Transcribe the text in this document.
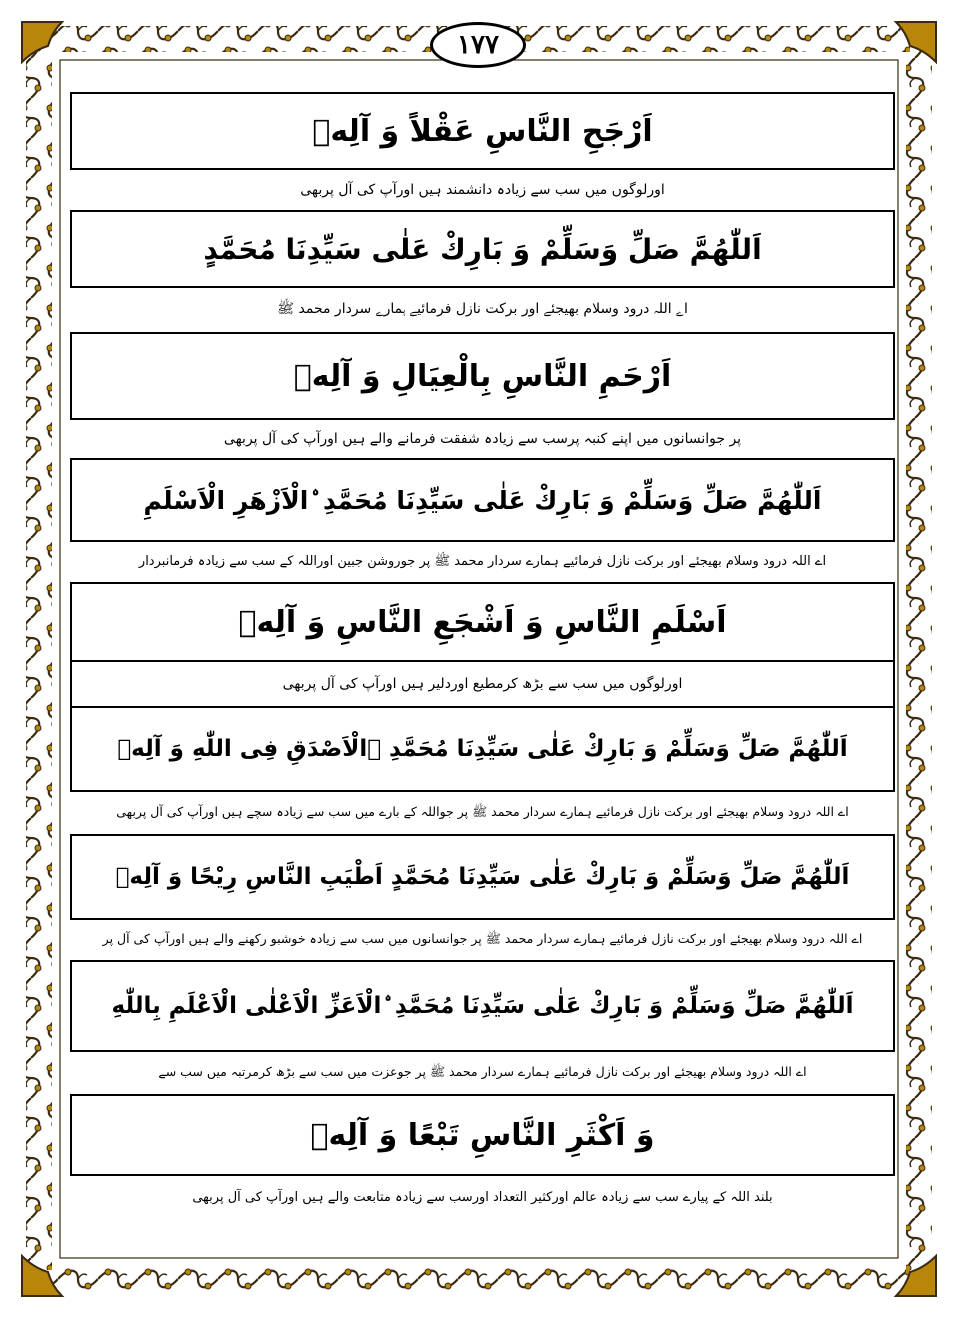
١٧٧
اَرْجَحِ النَّاسِ عَقْلاً وَ آلِهٖ
اورلوگوں میں سب سے زیادہ دانشمند ہیں اورآپ کی آل پربھی
اَللّٰھُمَّ صَلِّ وَسَلِّمْ وَ بَارِكْ عَلٰی سَیِّدِنَا مُحَمَّدٍ
اے اللہ درود وسلام بھیجئے اور برکت نازل فرمائیے ہمارے سردار محمد ﷺ
اَرْحَمِ النَّاسِ بِالْعِیَالِ وَ آلِهٖ
پر جوانسانوں میں اپنے کنبہ پرسب سے زیادہ شفقت فرمانے والے ہیں اورآپ کی آل پربھی
اَللّٰھُمَّ صَلِّ وَسَلِّمْ وَ بَارِكْ عَلٰی سَیِّدِنَا مُحَمَّدِ ۨالْاَزْھَرِ الْاَسْلَمِ
اے اللہ درود وسلام بھیجئے اور برکت نازل فرمائیے ہمارے سردار محمد ﷺ پر جوروشن جبین اوراللہ کے سب سے زیادہ فرمانبردار
اَسْلَمِ النَّاسِ وَ اَشْجَعِ النَّاسِ وَ آلِهٖ
اورلوگوں میں سب سے بڑھ کرمطیع اوردلیر ہیں اورآپ کی آل پربھی
اَللّٰھُمَّ صَلِّ وَسَلِّمْ وَ بَارِكْ عَلٰی سَیِّدِنَا مُحَمَّدِ ۨالْاَصْدَقِ فِی اللّٰهِ وَ آلِهٖ
اے اللہ درود وسلام بھیجئے اور برکت نازل فرمائیے ہمارے سردار محمد ﷺ پر جواللہ کے بارے میں سب سے زیادہ سچے ہیں اورآپ کی آل پربھی
اَللّٰھُمَّ صَلِّ وَسَلِّمْ وَ بَارِكْ عَلٰی سَیِّدِنَا مُحَمَّدٍ اَطْیَبِ النَّاسِ رِیْحًا وَ آلِهٖ
اے اللہ درود وسلام بھیجئے اور برکت نازل فرمائیے ہمارے سردار محمد ﷺ پر جوانسانوں میں سب سے زیادہ خوشبو رکھنے والے ہیں اورآپ کی آل پر
اَللّٰھُمَّ صَلِّ وَسَلِّمْ وَ بَارِكْ عَلٰی سَیِّدِنَا مُحَمَّدِ ۨالْاَعَزِّ الْاَعْلٰی الْاَعْلَمِ بِاللّٰهِ
اے اللہ درود وسلام بھیجئے اور برکت نازل فرمائیے ہمارے سردار محمد ﷺ پر جوعزت میں سب سے بڑھ کرمرتبہ میں سب سے
وَ اَكْثَرِ النَّاسِ تَبْعًا وَ آلِهٖ
بلند اللہ کے پیارے سب سے زیادہ عالم اورکثیر التعداد اورسب سے زیادہ متابعت والے ہیں اورآپ کی آل پربھی
